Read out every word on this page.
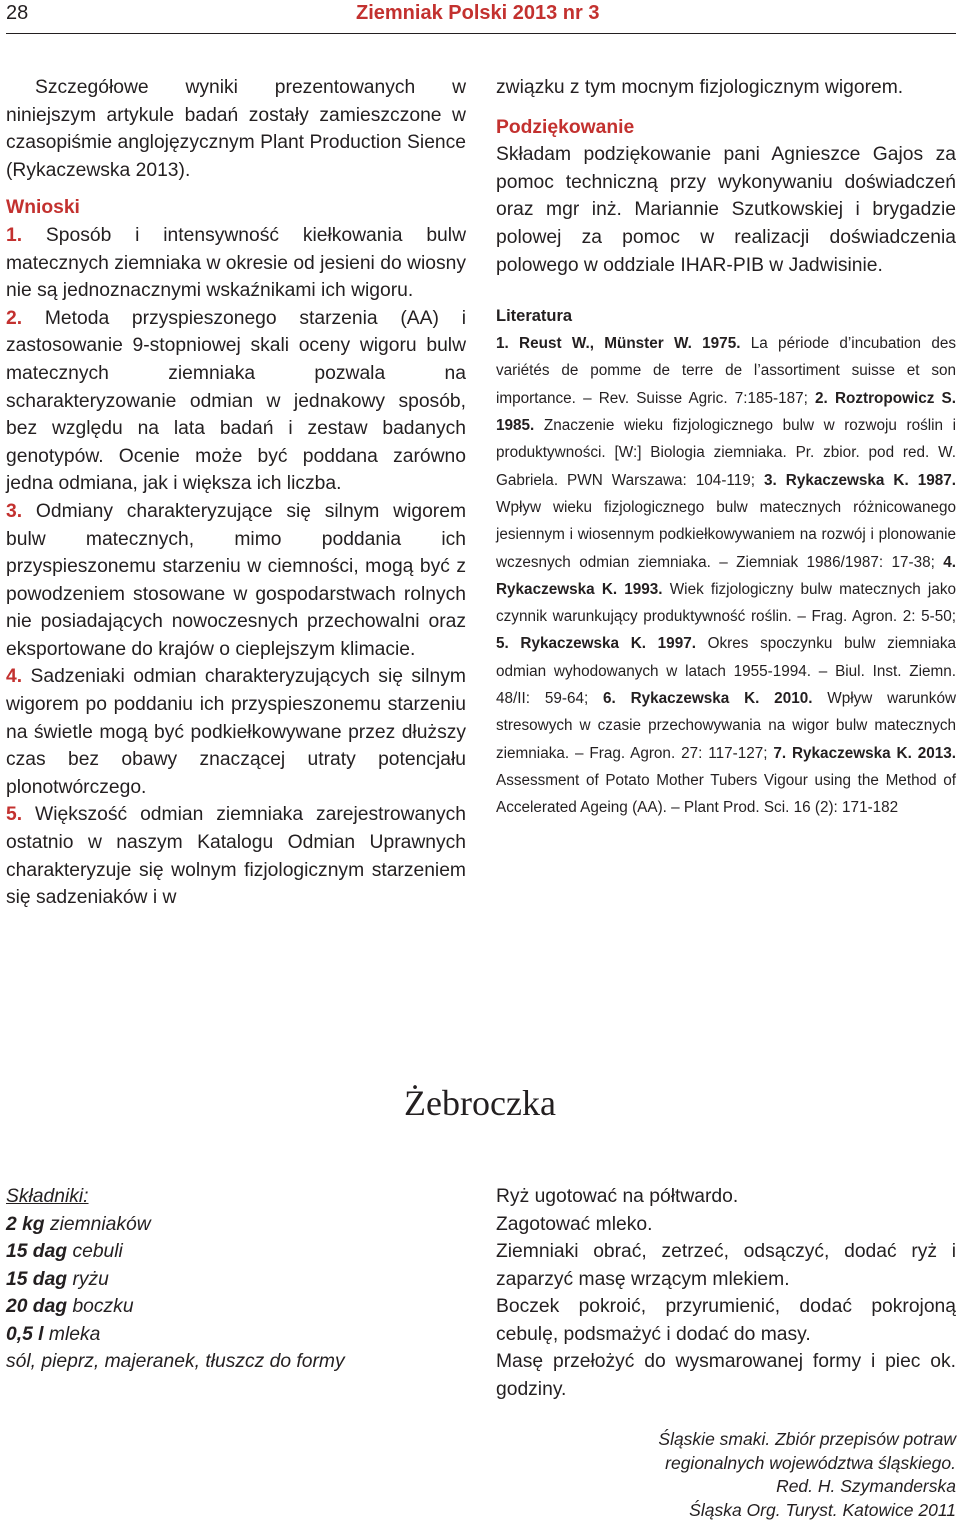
28	Ziemniak Polski 2013 nr 3

Szczegółowe wyniki prezentowanych w niniejszym artykule badań zostały zamieszczone w czasopiśmie anglojęzycznym Plant Production Sience (Rykaczewska 2013).

Wnioski

1. Sposób i intensywność kiełkowania bulw matecznych ziemniaka w okresie od jesieni do wiosny nie są jednoznacznymi wskaźnikami ich wigoru.

2. Metoda przyspieszonego starzenia (AA) i zastosowanie 9-stopniowej skali oceny wigoru bulw matecznych ziemniaka pozwala na scharakteryzowanie odmian w jednakowy sposób, bez względu na lata badań i zestaw badanych genotypów. Ocenie może być poddana zarówno jedna odmiana, jak i większa ich liczba.

3. Odmiany charakteryzujące się silnym wigorem bulw matecznych, mimo poddania ich przyspieszonemu starzeniu w ciemności, mogą być z powodzeniem stosowane w gospodarstwach rolnych nie posiadających nowoczesnych przechowalni oraz eksportowane do krajów o cieplejszym klimacie.

4. Sadzeniaki odmian charakteryzujących się silnym wigorem po poddaniu ich przyspieszonemu starzeniu na świetle mogą być podkiełkowywane przez dłuższy czas bez obawy znaczącej utraty potencjału plonotwórczego.

5. Większość odmian ziemniaka zarejestrowanych ostatnio w naszym Katalogu Odmian Uprawnych charakteryzuje się wolnym fizjologicznym starzeniem się sadzeniaków i w

związku z tym mocnym fizjologicznym wigorem.

Podziękowanie

Składam podziękowanie pani Agnieszce Gajos za pomoc techniczną przy wykonywaniu doświadczeń oraz mgr inż. Mariannie Szutkowskiej i brygadzie polowej za pomoc w realizacji doświadczenia polowego w oddziale IHAR-PIB w Jadwisinie.

Literatura

1. Reust W., Münster W. 1975. La période d’incubation des variétés de pomme de terre de l’assortiment suisse et son importance. – Rev. Suisse Agric. 7:185-187; 2. Roztropowicz S. 1985. Znaczenie wieku fizjologicznego bulw w rozwoju roślin i produktywności. [W:] Biologia ziemniaka. Pr. zbior. pod red. W. Gabriela. PWN Warszawa: 104-119; 3. Rykaczewska K. 1987. Wpływ wieku fizjologicznego bulw matecznych różnicowanego jesiennym i wiosennym podkiełkowywaniem na rozwój i plonowanie wczesnych odmian ziemniaka. – Ziemniak 1986/1987: 17-38; 4. Rykaczewska K. 1993. Wiek fizjologiczny bulw matecznych jako czynnik warunkujący produktywność roślin. – Frag. Agron. 2: 5-50; 5. Rykaczewska K. 1997. Okres spoczynku bulw ziemniaka odmian wyhodowanych w latach 1955-1994. – Biul. Inst. Ziemn. 48/II: 59-64; 6. Rykaczewska K. 2010. Wpływ warunków stresowych w czasie przechowywania na wigor bulw matecznych ziemniaka. – Frag. Agron. 27: 117-127; 7. Rykaczewska K. 2013. Assessment of Potato Mother Tubers Vigour using the Method of Accelerated Ageing (AA). – Plant Prod. Sci. 16 (2): 171-182

Żebroczka

Składniki:

2 kg ziemniaków

15 dag cebuli

15 dag ryżu

20 dag boczku

0,5 l mleka

sól, pieprz, majeranek, tłuszcz do formy

Ryż ugotować na półtwardo.

Zagotować mleko.

Ziemniaki obrać, zetrzeć, odsączyć, dodać ryż i zaparzyć masę wrzącym mlekiem.

Boczek pokroić, przyrumienić, dodać pokrojoną cebulę, podsmażyć i dodać do masy.

Masę przełożyć do wysmarowanej formy i piec ok. godziny.

Śląskie smaki. Zbiór przepisów potraw

regionalnych województwa śląskiego.

Red. H. Szymanderska

Śląska Org. Turyst. Katowice 2011
